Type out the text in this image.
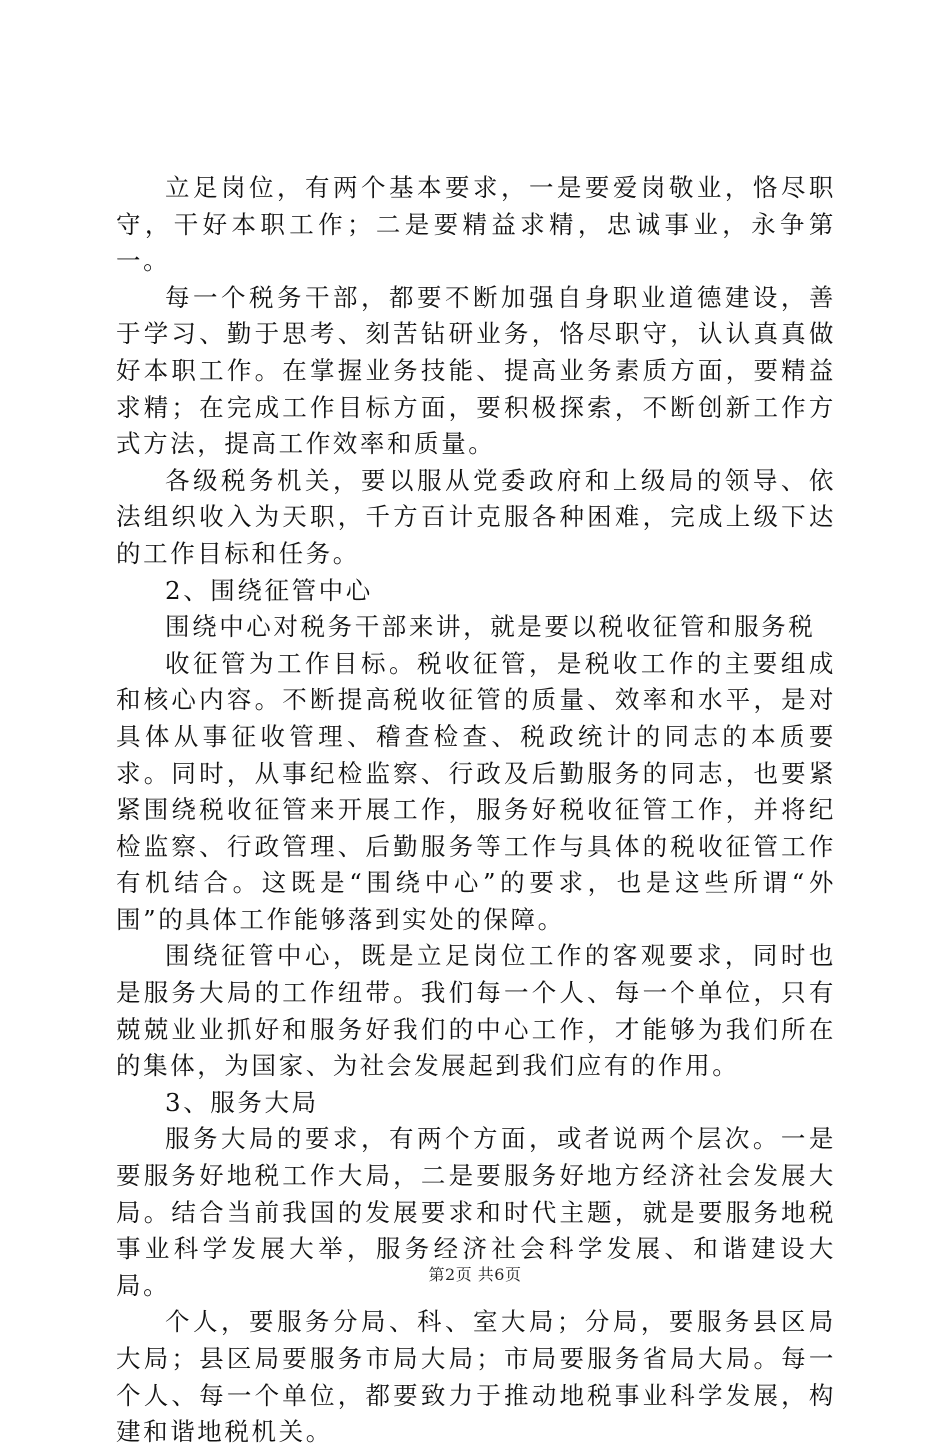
立足岗位，有两个基本要求，一是要爱岗敬业，恪尽职守，干好本职工作；二是要精益求精，忠诚事业，永争第一。

每一个税务干部，都要不断加强自身职业道德建设，善于学习、勤于思考、刻苦钻研业务，恪尽职守，认认真真做好本职工作。在掌握业务技能、提高业务素质方面，要精益求精；在完成工作目标方面，要积极探索，不断创新工作方式方法，提高工作效率和质量。

各级税务机关，要以服从党委政府和上级局的领导、依法组织收入为天职，千方百计克服各种困难，完成上级下达的工作目标和任务。

2、围绕征管中心

围绕中心对税务干部来讲，就是要以税收征管和服务税

收征管为工作目标。税收征管，是税收工作的主要组成和核心内容。不断提高税收征管的质量、效率和水平，是对具体从事征收管理、稽查检查、税政统计的同志的本质要求。同时，从事纪检监察、行政及后勤服务的同志，也要紧紧围绕税收征管来开展工作，服务好税收征管工作，并将纪检监察、行政管理、后勤服务等工作与具体的税收征管工作有机结合。这既是“围绕中心”的要求，也是这些所谓“外围”的具体工作能够落到实处的保障。

围绕征管中心，既是立足岗位工作的客观要求，同时也是服务大局的工作纽带。我们每一个人、每一个单位，只有兢兢业业抓好和服务好我们的中心工作，才能够为我们所在的集体，为国家、为社会发展起到我们应有的作用。

3、服务大局

服务大局的要求，有两个方面，或者说两个层次。一是要服务好地税工作大局，二是要服务好地方经济社会发展大局。结合当前我国的发展要求和时代主题，就是要服务地税事业科学发展大举，服务经济社会科学发展、和谐建设大局。

个人，要服务分局、科、室大局；分局，要服务县区局大局；县区局要服务市局大局；市局要服务省局大局。每一个人、每一个单位，都要致力于推动地税事业科学发展，构建和谐地税机关。

第2页 共6页
